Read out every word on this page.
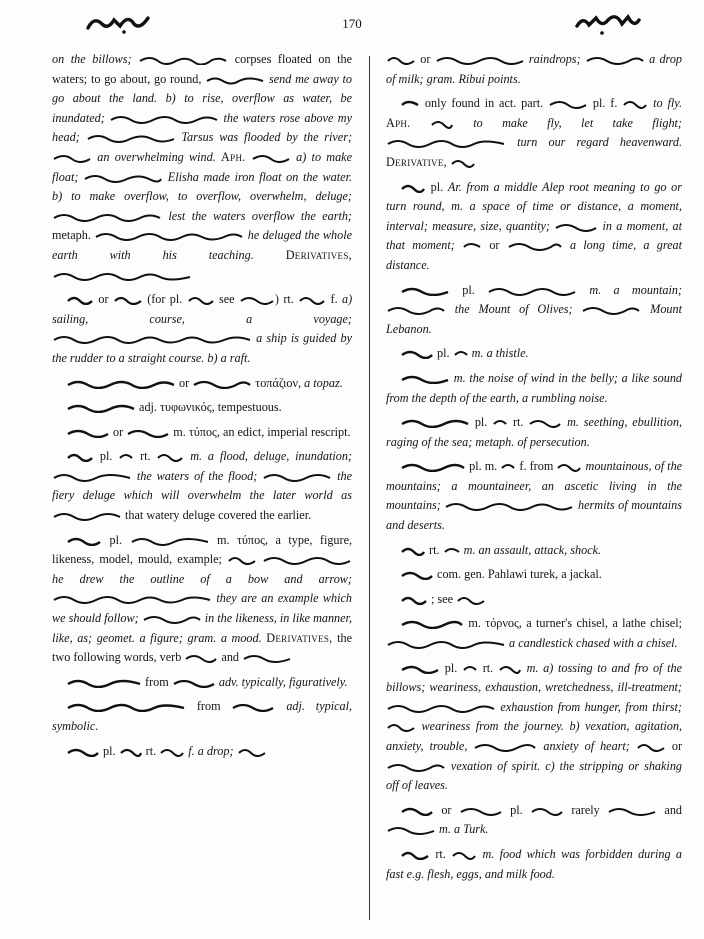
170

on the billows;	corpses floated on the waters; to go about, go round,	send me away to go about the land. b) to rise, overflow as water, be inundated;	the waters rose above my head;	Tarsus was flooded by the river;
an overwhelming wind. Aph.	a) to make float;	Elisha made iron float on the water. b) to make overflow, to overflow, overwhelm, deluge;
lest the waters overflow the earth; metaph.	he deluged the whole earth with his teaching.	Derivatives,

or	(for pl.	see	) rt.	f. a) sailing, course, a voyage;
a ship is guided by the rudder to a straight course. b) a raft.

or	τοπάζιον, a topaz.

adj. τυφωνικός, tempestuous.

or	m. τύπος, an edict, imperial rescript.

pl. rt.	m. a flood, deluge, inundation;
the waters of the flood;	the fiery deluge which will overwhelm the later world as
that watery deluge covered the earlier.

pl.	m. τύπος, a type, figure, likeness, model, mould, example;

he drew the outline of a bow and arrow;
they are an example which we should follow;	in the likeness, in like manner, like, as; geomet. a figure; gram. a mood. Derivatives, the two following words, verb	and

from	adv. typically, figuratively.

from	adj. typical, symbolic.

pl. rt.	f. a drop;

or	raindrops;	a drop of milk; gram. Ribui points.

only found in act. part.	pl. f.	to fly. Aph.	to make fly, let take flight;
turn our regard heavenward. Derivative,

pl. Ar. from a middle Alep root meaning to go or turn round, m. a space of time or distance, a moment, interval; measure, size, quantity;	in a moment, at that moment;	or	a long time, a great distance.

pl.	m. a mountain;
the Mount of Olives;	Mount Lebanon.

pl. m. a thistle.

m. the noise of wind in the belly; a like sound from the depth of the earth, a rumbling noise.

pl. rt.	m. seething, ebullition, raging of the sea; metaph. of persecution.

pl. m. f. from	mountainous, of the mountains; a mountaineer, an ascetic living in the mountains;	hermits of mountains and deserts.

rt. m. an assault, attack, shock.

com. gen. Pahlawi turek, a jackal.

; see

m. τόρνος, a turner's chisel, a lathe chisel;
a candlestick chased with a chisel.

pl. rt.	m. a) tossing to and fro of the billows; weariness, exhaustion, wretchedness, ill-treatment;
exhaustion from hunger, from thirst;
weariness from the journey. b) vexation, agitation, anxiety, trouble,	anxiety of heart;	or
vexation of spirit. c) the stripping or shaking off of leaves.

or	pl.	rarely	and
m. a Turk.

rt.	m. food which was forbidden during a fast e.g. flesh, eggs, and milk food.
